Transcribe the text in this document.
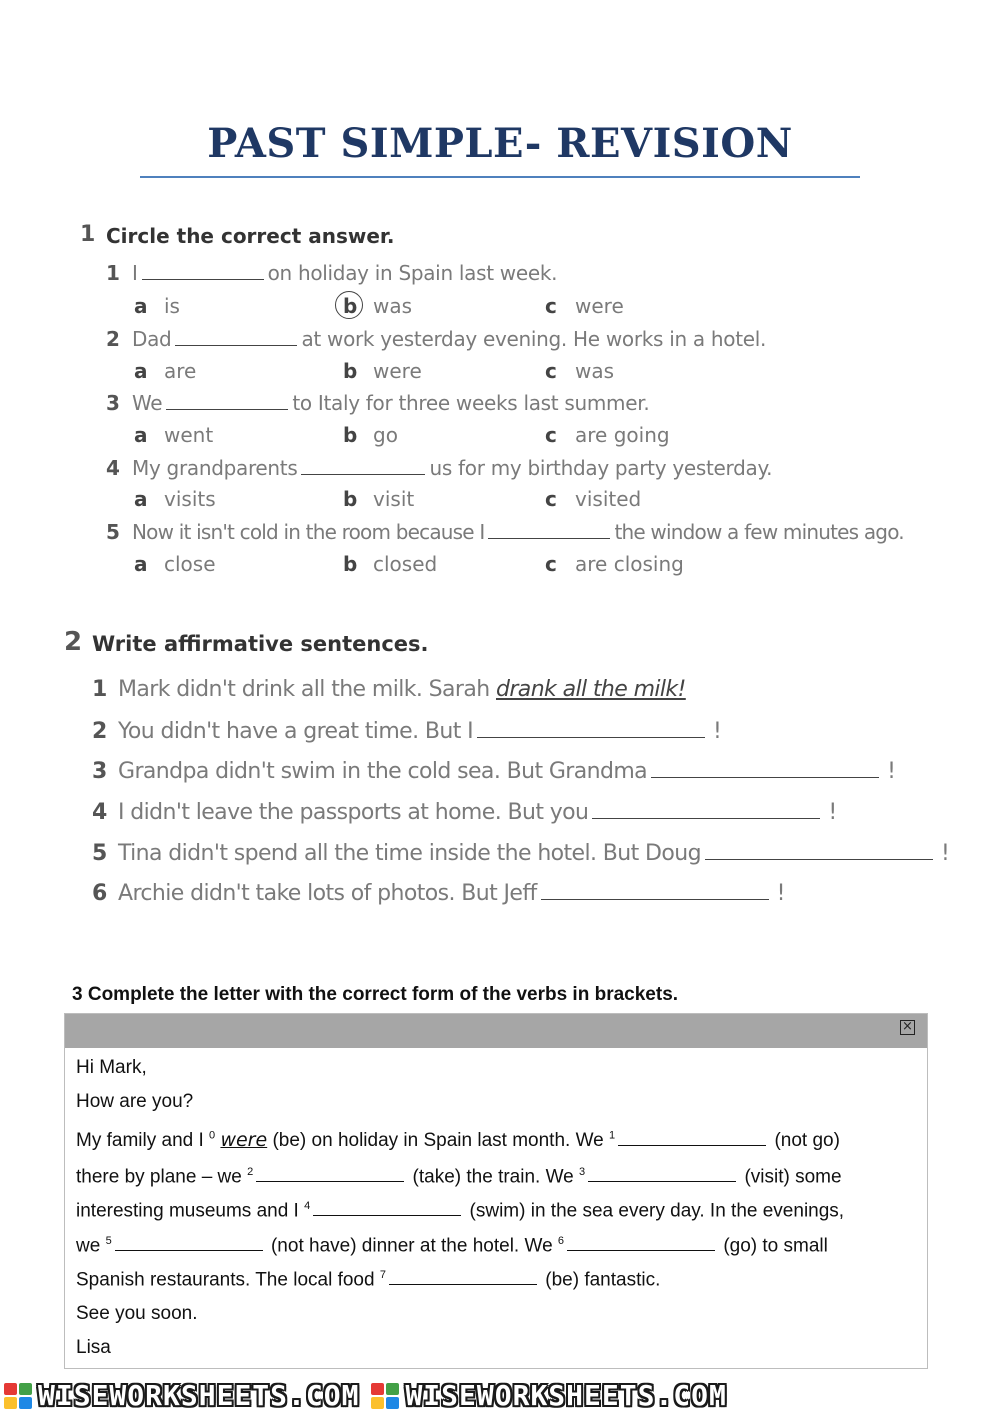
PAST SIMPLE- REVISION
1 Circle the correct answer.
1 I	on holiday in Spain last week.
a is	b was	c were
2 Dad	at work yesterday evening. He works in a hotel.
a are	b were	c was
3 We	to Italy for three weeks last summer.
a went	b go	c are going
4 My grandparents	us for my birthday party yesterday.
a visits	b visit	c visited
5 Now it isn't cold in the room because I	the window a few minutes ago.
a close	b closed	c are closing
2 Write affirmative sentences.
1 Mark didn't drink all the milk. Sarah drank all the milk!
2 You didn't have a great time. But I	!
3 Grandpa didn't swim in the cold sea. But Grandma	!
4 I didn't leave the passports at home. But you	!
5 Tina didn't spend all the time inside the hotel. But Doug	!
6 Archie didn't take lots of photos. But Jeff	!
3 Complete the letter with the correct form of the verbs in brackets.
×
Hi Mark,
How are you?
My family and I $^0$ were (be) on holiday in Spain last month. We $^1$	(not go)
there by plane – we $^2$	(take) the train. We $^3$	(visit) some
interesting museums and I $^4$	(swim) in the sea every day. In the evenings,
we $^5$	(not have) dinner at the hotel. We $^6$	(go) to small
Spanish restaurants. The local food $^7$	(be) fantastic.
See you soon.
Lisa
WISEWORKSHEETS.COM WISEWORKSHEETS.COM
